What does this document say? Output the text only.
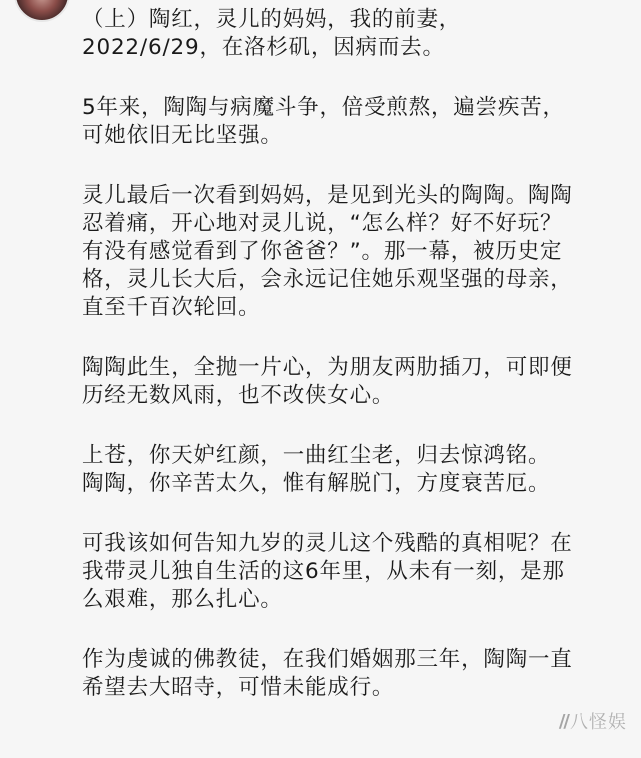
（上）陶红，灵儿的妈妈，我的前妻，
2022/6/29，在洛杉矶，因病而去。

5年来，陶陶与病魔斗争，倍受煎熬，遍尝疾苦，
可她依旧无比坚强。

灵儿最后一次看到妈妈，是见到光头的陶陶。陶陶
忍着痛，开心地对灵儿说，“怎么样？好不好玩？
有没有感觉看到了你爸爸？”。那一幕，被历史定
格，灵儿长大后，会永远记住她乐观坚强的母亲，
直至千百次轮回。

陶陶此生，全抛一片心，为朋友两肋插刀，可即便
历经无数风雨，也不改侠女心。

上苍，你天妒红颜，一曲红尘老，归去惊鸿铭。
陶陶，你辛苦太久，惟有解脱门，方度衰苦厄。

可我该如何告知九岁的灵儿这个残酷的真相呢？在
我带灵儿独自生活的这6年里，从未有一刻，是那
么艰难，那么扎心。

作为虔诚的佛教徒，在我们婚姻那三年，陶陶一直
希望去大昭寺，可惜未能成行。

// 八怪娱
